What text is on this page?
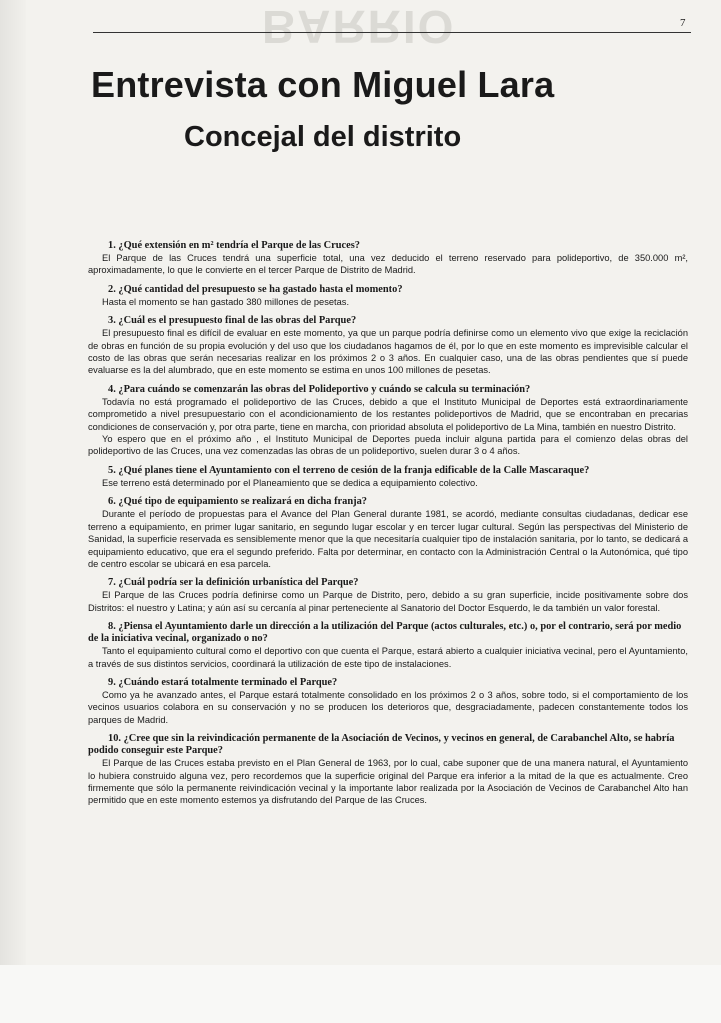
BARRIO	7
Entrevista con Miguel Lara
Concejal del distrito

1. ¿Qué extensión en m² tendría el Parque de las Cruces?

El Parque de las Cruces tendrá una superficie total, una vez deducido el terreno reservado para polideportivo, de 350.000 m², aproximadamente, lo que le convierte en el tercer Parque de Distrito de Madrid.

2. ¿Qué cantidad del presupuesto se ha gastado hasta el momento?

Hasta el momento se han gastado 380 millones de pesetas.

3. ¿Cuál es el presupuesto final de las obras del Parque?

El presupuesto final es difícil de evaluar en este momento, ya que un parque podría definirse como un elemento vivo que exige la reciclación de obras en función de su propia evolución y del uso que los ciudadanos hagamos de él, por lo que en este momento es imprevisible calcular el costo de las obras que serán necesarias realizar en los próximos 2 o 3 años. En cualquier caso, una de las obras pendientes que sí puede evaluarse es la del alumbrado, que en este momento se estima en unos 100 millones de pesetas.

4. ¿Para cuándo se comenzarán las obras del Polideportivo y cuándo se calcula su terminación?

Todavía no está programado el polideportivo de las Cruces, debido a que el Instituto Municipal de Deportes está extraordinariamente comprometido a nivel presupuestario con el acondicionamiento de los restantes polideportivos de Madrid, que se encontraban en precarias condiciones de conservación y, por otra parte, tiene en marcha, con prioridad absoluta el polideportivo de La Mina, también en nuestro Distrito.

Yo espero que en el próximo año , el Instituto Municipal de Deportes pueda incluir alguna partida para el comienzo delas obras del polideportivo de las Cruces, una vez comenzadas las obras de un polideportivo, suelen durar 3 o 4 años.

5. ¿Qué planes tiene el Ayuntamiento con el terreno de cesión de la franja edificable de la Calle Mascaraque?

Ese terreno está determinado por el Planeamiento que se dedica a equipamiento colectivo.

6. ¿Qué tipo de equipamiento se realizará en dicha franja?

Durante el período de propuestas para el Avance del Plan General durante 1981, se acordó, mediante consultas ciudadanas, dedicar ese terreno a equipamiento, en primer lugar sanitario, en segundo lugar escolar y en tercer lugar cultural. Según las perspectivas del Ministerio de Sanidad, la superficie reservada es sensiblemente menor que la que necesitaría cualquier tipo de instalación sanitaria, por lo tanto, se dedicará a equipamiento educativo, que era el segundo preferido. Falta por determinar, en contacto con la Administración Central o la Autonómica, qué tipo de centro escolar se ubicará en esa parcela.

7. ¿Cuál podría ser la definición urbanística del Parque?

El Parque de las Cruces podría definirse como un Parque de Distrito, pero, debido a su gran superficie, incide positivamente sobre dos Distritos: el nuestro y Latina; y aún así su cercanía al pinar perteneciente al Sanatorio del Doctor Esquerdo, le da también un valor forestal.

8. ¿Piensa el Ayuntamiento darle un dirección a la utilización del Parque (actos culturales, etc.) o, por el contrario, será por medio de la iniciativa vecinal, organizado o no?

Tanto el equipamiento cultural como el deportivo con que cuenta el Parque, estará abierto a cualquier iniciativa vecinal, pero el Ayuntamiento, a través de sus distintos servicios, coordinará la utilización de este tipo de instalaciones.

9. ¿Cuándo estará totalmente terminado el Parque?

Como ya he avanzado antes, el Parque estará totalmente consolidado en los próximos 2 o 3 años, sobre todo, si el comportamiento de los vecinos usuarios colabora en su conservación y no se producen los deterioros que, desgraciadamente, padecen constantemente todos los parques de Madrid.

10. ¿Cree que sin la reivindicación permanente de la Asociación de Vecinos, y vecinos en general, de Carabanchel Alto, se habría podido conseguir este Parque?

El Parque de las Cruces estaba previsto en el Plan General de 1963, por lo cual, cabe suponer que de una manera natural, el Ayuntamiento lo hubiera construido alguna vez, pero recordemos que la superficie original del Parque era inferior a la mitad de la que es actualmente. Creo firmemente que sólo la permanente reivindicación vecinal y la importante labor realizada por la Asociación de Vecinos de Carabanchel Alto han permitido que en este momento estemos ya disfrutando del Parque de las Cruces.
